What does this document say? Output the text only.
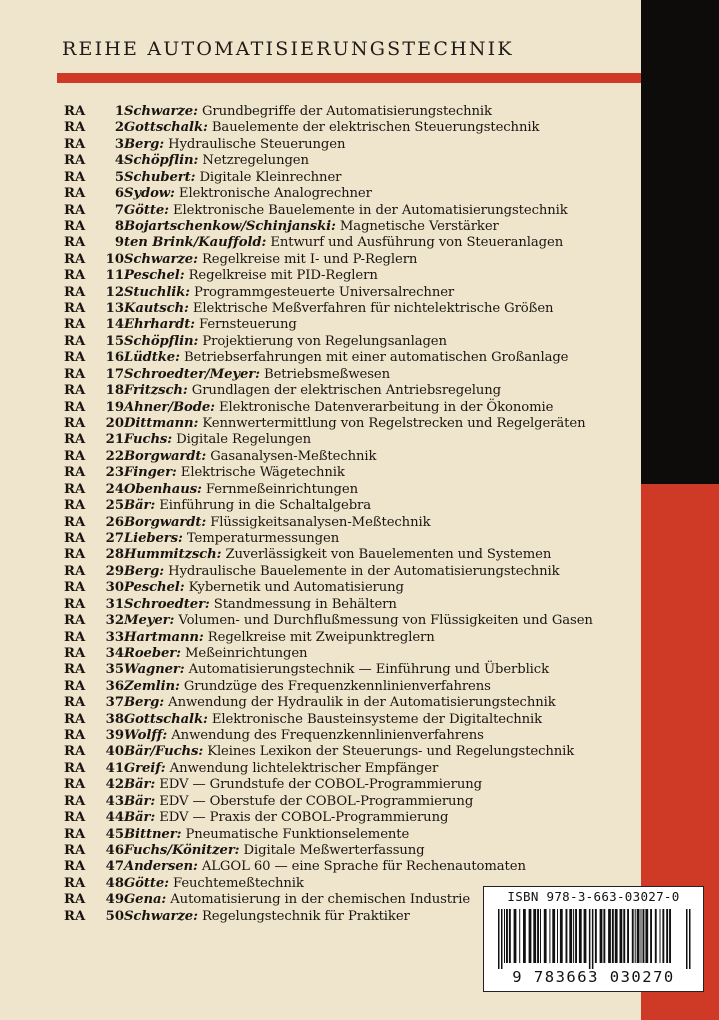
REIHE AUTOMATISIERUNGSTECHNIK
RA	1 Schwarze: Grundbegriffe der Automatisierungstechnik
RA	2 Gottschalk: Bauelemente der elektrischen Steuerungstechnik
RA	3 Berg: Hydraulische Steuerungen
RA	4 Schöpflin: Netzregelungen
RA	5 Schubert: Digitale Kleinrechner
RA	6 Sydow: Elektronische Analogrechner
RA	7 Götte: Elektronische Bauelemente in der Automatisierungstechnik
RA	8 Bojartschenkow/Schinjanski: Magnetische Verstärker
RA	9 ten Brink/Kauffold: Entwurf und Ausführung von Steueranlagen
RA	10 Schwarze: Regelkreise mit I- und P-Reglern
RA	11 Peschel: Regelkreise mit PID-Reglern
RA	12 Stuchlik: Programmgesteuerte Universalrechner
RA	13 Kautsch: Elektrische Meßverfahren für nichtelektrische Größen
RA	14 Ehrhardt: Fernsteuerung
RA	15 Schöpflin: Projektierung von Regelungsanlagen
RA	16 Lüdtke: Betriebserfahrungen mit einer automatischen Großanlage
RA	17 Schroedter/Meyer: Betriebsmeßwesen
RA	18 Fritzsch: Grundlagen der elektrischen Antriebsregelung
RA	19 Ahner/Bode: Elektronische Datenverarbeitung in der Ökonomie
RA	20 Dittmann: Kennwertermittlung von Regelstrecken und Regelgeräten
RA	21 Fuchs: Digitale Regelungen
RA	22 Borgwardt: Gasanalysen-Meßtechnik
RA	23 Finger: Elektrische Wägetechnik
RA	24 Obenhaus: Fernmeßeinrichtungen
RA	25 Bär: Einführung in die Schaltalgebra
RA	26 Borgwardt: Flüssigkeitsanalysen-Meßtechnik
RA	27 Liebers: Temperaturmessungen
RA	28 Hummitzsch: Zuverlässigkeit von Bauelementen und Systemen
RA	29 Berg: Hydraulische Bauelemente in der Automatisierungstechnik
RA	30 Peschel: Kybernetik und Automatisierung
RA	31 Schroedter: Standmessung in Behältern
RA	32 Meyer: Volumen- und Durchflußmessung von Flüssigkeiten und Gasen
RA	33 Hartmann: Regelkreise mit Zweipunktreglern
RA	34 Roeber: Meßeinrichtungen
RA	35 Wagner: Automatisierungstechnik — Einführung und Überblick
RA	36 Zemlin: Grundzüge des Frequenzkennlinienverfahrens
RA	37 Berg: Anwendung der Hydraulik in der Automatisierungstechnik
RA	38 Gottschalk: Elektronische Bausteinsysteme der Digitaltechnik
RA	39 Wolff: Anwendung des Frequenzkennlinienverfahrens
RA	40 Bär/Fuchs: Kleines Lexikon der Steuerungs- und Regelungstechnik
RA	41 Greif: Anwendung lichtelektrischer Empfänger
RA	42 Bär: EDV — Grundstufe der COBOL-Programmierung
RA	43 Bär: EDV — Oberstufe der COBOL-Programmierung
RA	44 Bär: EDV — Praxis der COBOL-Programmierung
RA	45 Bittner: Pneumatische Funktionselemente
RA	46 Fuchs/Könitzer: Digitale Meßwerterfassung
RA	47 Andersen: ALGOL 60 — eine Sprache für Rechenautomaten
RA	48 Götte: Feuchtemeßtechnik
RA	49 Gena: Automatisierung in der chemischen Industrie
RA	50 Schwarze: Regelungstechnik für Praktiker
ISBN 978-3-663-03027-0
9 783663 030270
